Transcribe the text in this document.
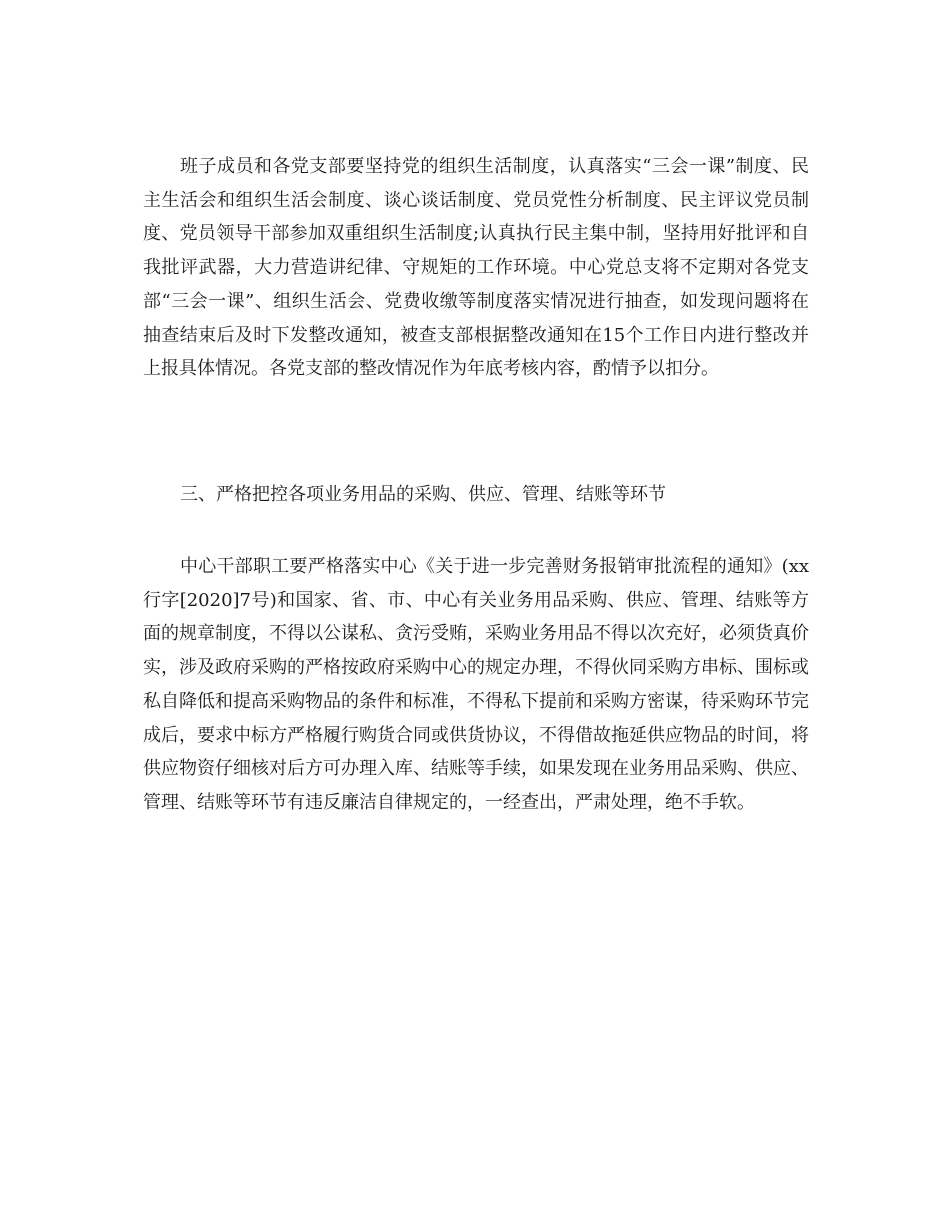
班子成员和各党支部要坚持党的组织生活制度，认真落实“三会一课”制度、民主生活会和组织生活会制度、谈心谈话制度、党员党性分析制度、民主评议党员制度、党员领导干部参加双重组织生活制度;认真执行民主集中制，坚持用好批评和自我批评武器，大力营造讲纪律、守规矩的工作环境。中心党总支将不定期对各党支部“三会一课”、组织生活会、党费收缴等制度落实情况进行抽查，如发现问题将在抽查结束后及时下发整改通知，被查支部根据整改通知在15个工作日内进行整改并上报具体情况。各党支部的整改情况作为年底考核内容，酌情予以扣分。

三、严格把控各项业务用品的采购、供应、管理、结账等环节

中心干部职工要严格落实中心《关于进一步完善财务报销审批流程的通知》(xx行字[2020]7号)和国家、省、市、中心有关业务用品采购、供应、管理、结账等方面的规章制度，不得以公谋私、贪污受贿，采购业务用品不得以次充好，必须货真价实，涉及政府采购的严格按政府采购中心的规定办理，不得伙同采购方串标、围标或私自降低和提高采购物品的条件和标准，不得私下提前和采购方密谋，待采购环节完成后，要求中标方严格履行购货合同或供货协议，不得借故拖延供应物品的时间，将供应物资仔细核对后方可办理入库、结账等手续，如果发现在业务用品采购、供应、管理、结账等环节有违反廉洁自律规定的，一经查出，严肃处理，绝不手软。
